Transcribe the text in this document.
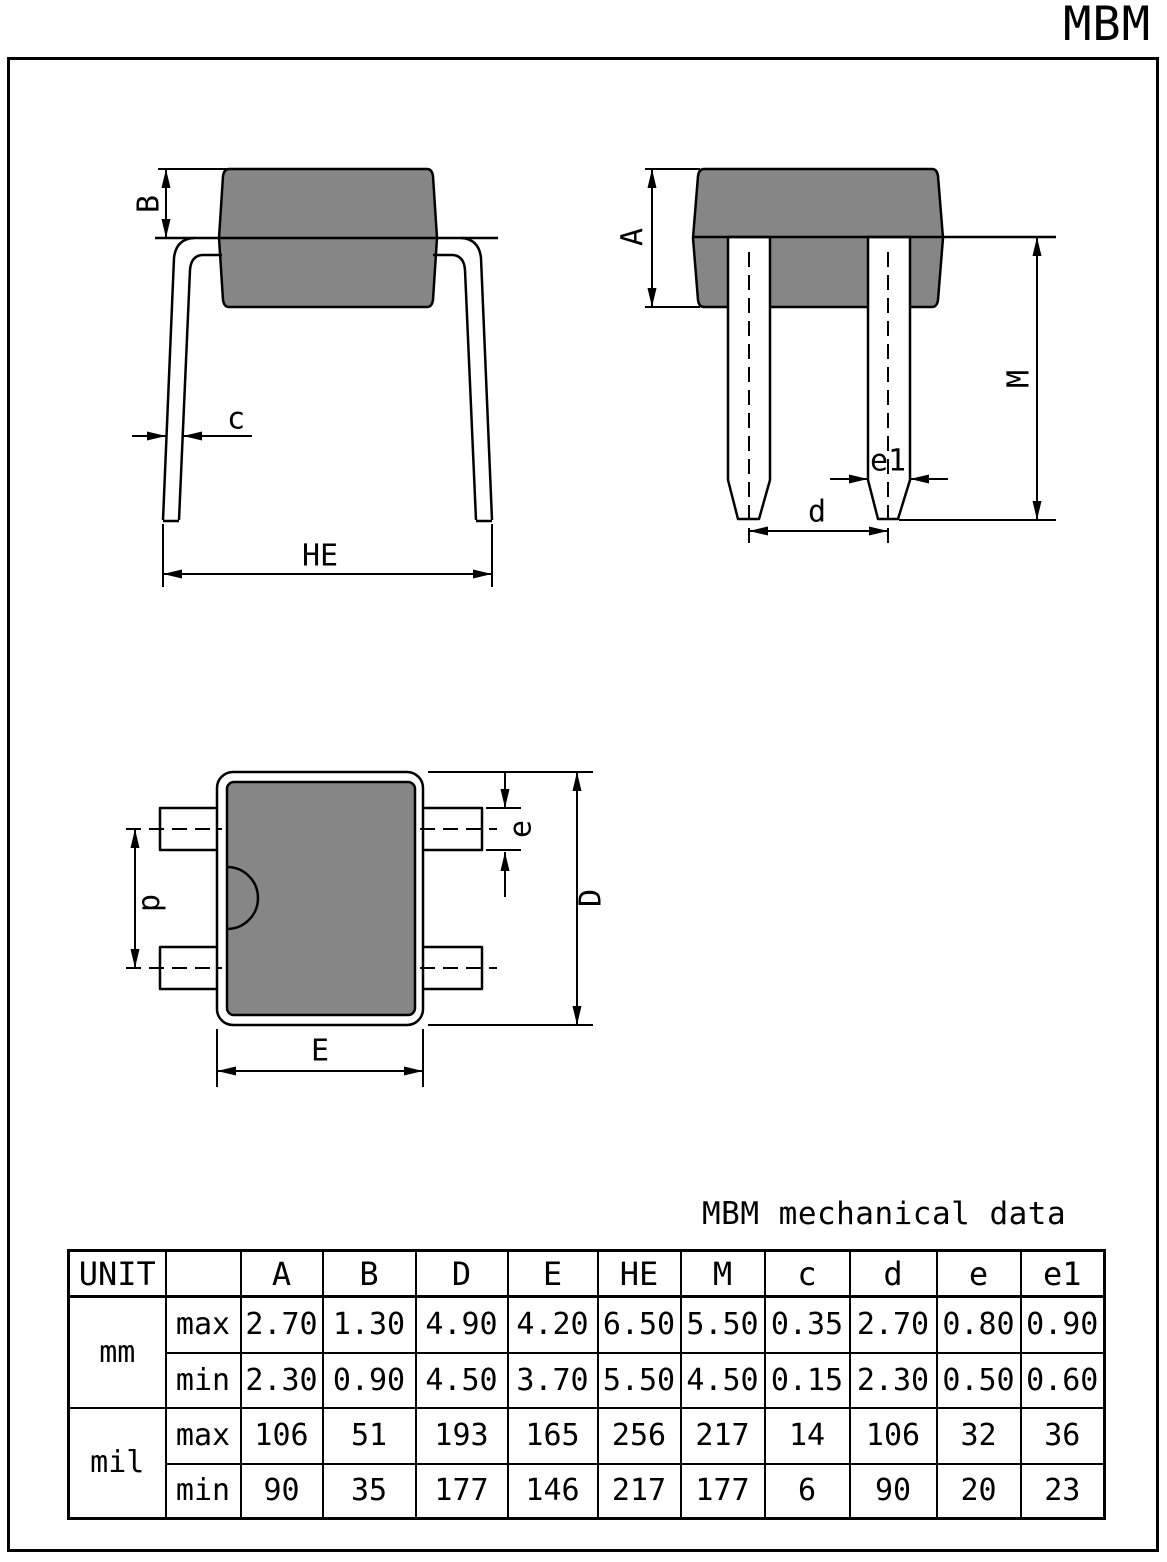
MBM
B
c
HE
A
e1
d
M
d
e
D
E
MBM mechanical data
UNIT		A	B	D	E	HE	M	c	d	e	e1
mm	max	2.70	1.30	4.90	4.20	6.50	5.50	0.35	2.70	0.80	0.90
	min	2.30	0.90	4.50	3.70	5.50	4.50	0.15	2.30	0.50	0.60
mil	max	106	51	193	165	256	217	14	106	32	36
	min	90	35	177	146	217	177	6	90	20	23
